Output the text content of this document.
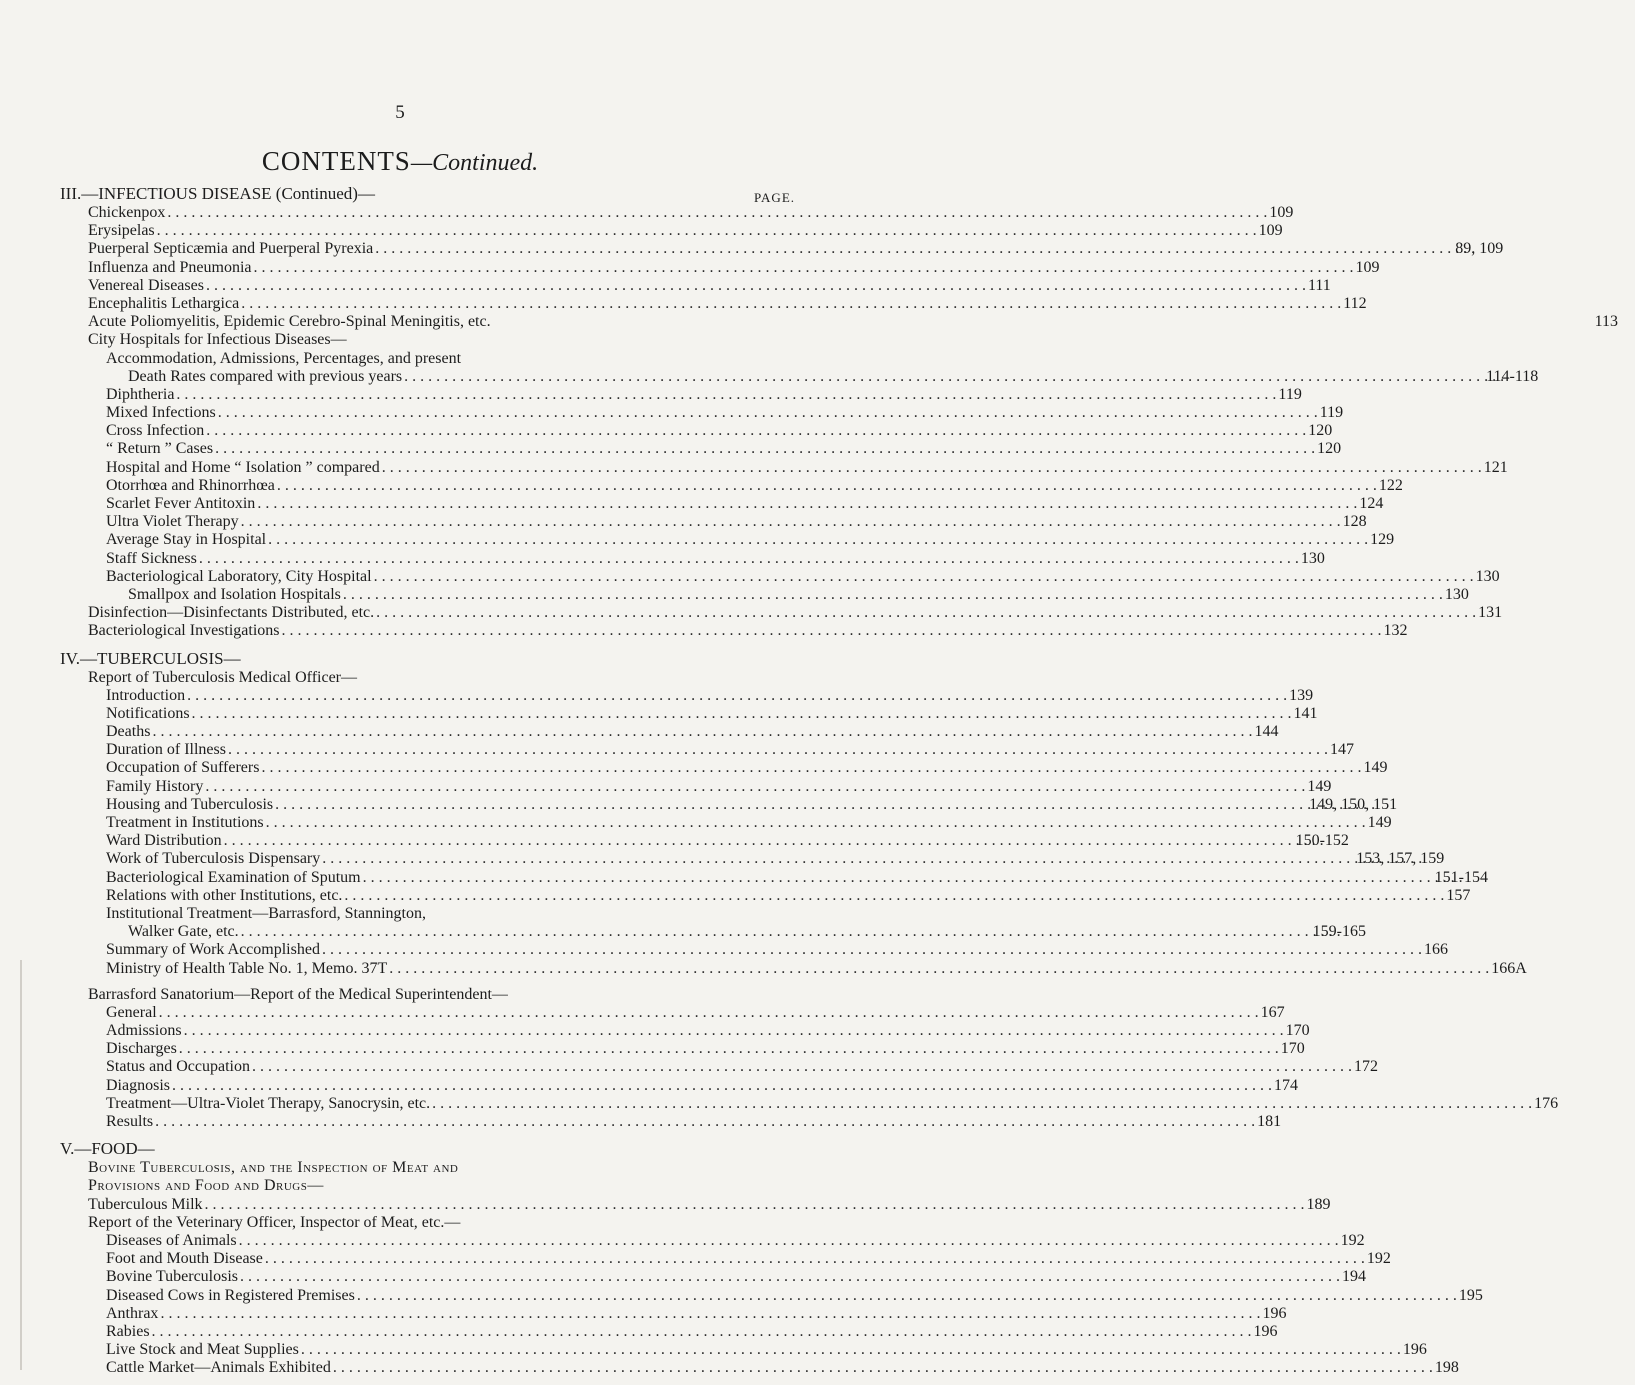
5
CONTENTS—Continued.
PAGE.
III.—INFECTIOUS DISEASE (Continued)—
Chickenpox . . .	109
Erysipelas . . .	109
Puerperal Septicæmia and Puerperal Pyrexia . . .	89, 109
Influenza and Pneumonia . . .	109
Venereal Diseases . . .	111
Encephalitis Lethargica . . .	112
Acute Poliomyelitis, Epidemic Cerebro-Spinal Meningitis, etc.	113
City Hospitals for Infectious Diseases—
Accommodation, Admissions, Percentages, and present
Death Rates compared with previous years . . .	114-118
Diphtheria . . .	119
Mixed Infections . . .	119
Cross Infection . . .	120
“ Return ” Cases . . .	120
Hospital and Home “ Isolation ” compared . . .	121
Otorrhœa and Rhinorrhœa . . .	122
Scarlet Fever Antitoxin . . .	124
Ultra Violet Therapy . . .	128
Average Stay in Hospital . . .	129
Staff Sickness . . .	130
Bacteriological Laboratory, City Hospital . . .	130
Smallpox and Isolation Hospitals . . .	130
Disinfection—Disinfectants Distributed, etc. . . .	131
Bacteriological Investigations . . .	132
IV.—TUBERCULOSIS—
Report of Tuberculosis Medical Officer—
Introduction . . .	139
Notifications . . .	141
Deaths . . .	144
Duration of Illness . . .	147
Occupation of Sufferers . . .	149
Family History . . .	149
Housing and Tuberculosis . . .	149, 150, 151
Treatment in Institutions . . .	149
Ward Distribution . . .	150-152
Work of Tuberculosis Dispensary . . .	153, 157, 159
Bacteriological Examination of Sputum . . .	151-154
Relations with other Institutions, etc. . . .	157
Institutional Treatment—Barrasford, Stannington,
Walker Gate, etc. . . .	159-165
Summary of Work Accomplished . . .	166
Ministry of Health Table No. 1, Memo. 37T . . .	166A
Barrasford Sanatorium—Report of the Medical Superintendent—
General . . .	167
Admissions . . .	170
Discharges . . .	170
Status and Occupation . . .	172
Diagnosis . . .	174
Treatment—Ultra-Violet Therapy, Sanocrysin, etc. . . .	176
Results . . .	181
V.—FOOD—
Bovine Tuberculosis, and the Inspection of Meat and
Provisions and Food and Drugs—
Tuberculous Milk . . .	189
Report of the Veterinary Officer, Inspector of Meat, etc.—
Diseases of Animals . . .	192
Foot and Mouth Disease . . .	192
Bovine Tuberculosis . . .	194
Diseased Cows in Registered Premises . . .	195
Anthrax . . .	196
Rabies . . .	196
Live Stock and Meat Supplies . . .	196
Cattle Market—Animals Exhibited . . .	198
